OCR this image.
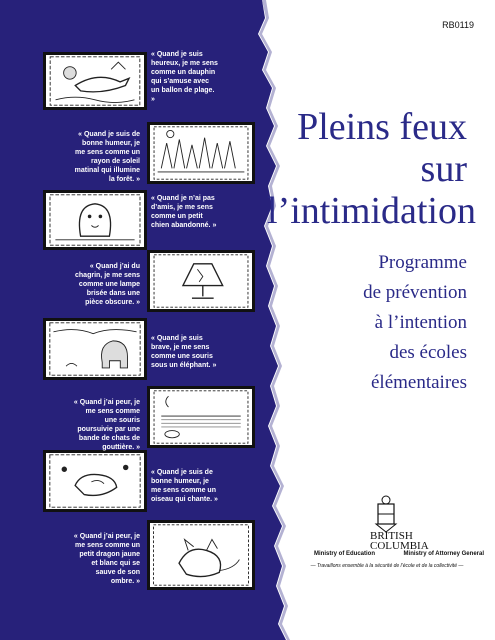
RB0119
« Quand je suis heureux, je me sens comme un dauphin qui s’amuse avec un ballon de plage. »
« Quand je suis de bonne humeur, je me sens comme un rayon de soleil matinal qui illumine la forêt. »
« Quand je n’ai pas d’amis, je me sens comme un petit chien abandonné. »
« Quand j’ai du chagrin, je me sens comme une lampe brisée dans une pièce obscure. »
« Quand je suis brave, je me sens comme une souris sous un éléphant. »
« Quand j’ai peur, je me sens comme une souris poursuivie par une bande de chats de gouttière. »
« Quand je suis de bonne humeur, je me sens comme un oiseau qui chante. »
« Quand j’ai peur, je me sens comme un petit dragon jaune et blanc qui se sauve de son ombre. »
Pleins feux
sur
l’intimidation
Programme
de prévention
à l’intention
des écoles
élémentaires
BRITISH
COLUMBIA
Ministry of Education	Ministry of Attorney General
— Travaillons ensemble à la sécurité de l’école et de la collectivité —
